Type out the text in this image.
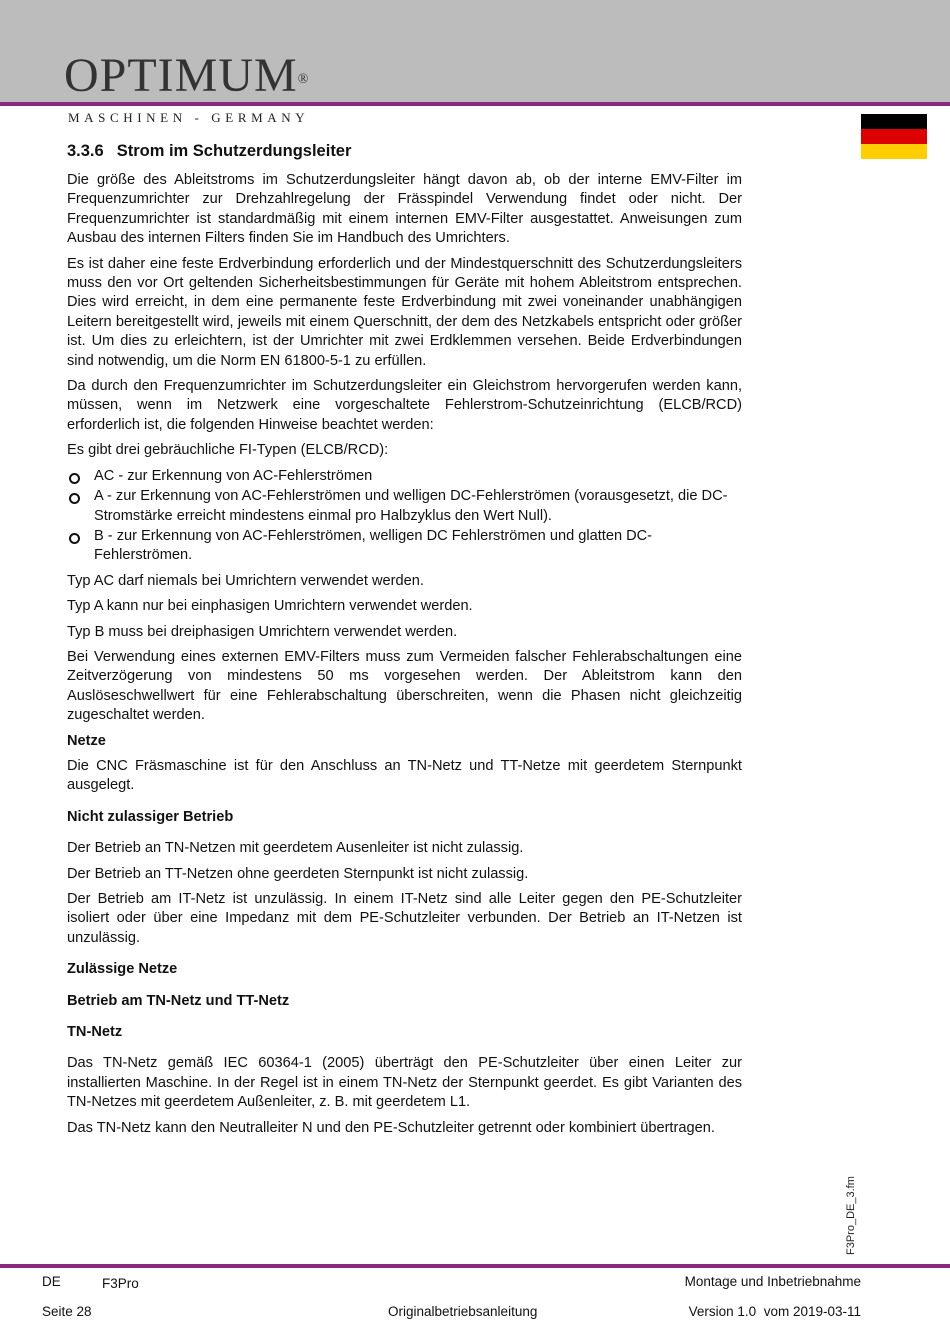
OPTIMUM®
MASCHINEN - GERMANY
3.3.6 Strom im Schutzerdungsleiter

Die größe des Ableitstroms im Schutzerdungsleiter hängt davon ab, ob der interne EMV-Filter im Frequenzumrichter zur Drehzahlregelung der Frässpindel Verwendung findet oder nicht. Der Frequenzumrichter ist standardmäßig mit einem internen EMV-Filter ausgestattet. Anweisungen zum Ausbau des internen Filters finden Sie im Handbuch des Umrichters.

Es ist daher eine feste Erdverbindung erforderlich und der Mindestquerschnitt des Schutzerdungsleiters muss den vor Ort geltenden Sicherheitsbestimmungen für Geräte mit hohem Ableitstrom entsprechen. Dies wird erreicht, in dem eine permanente feste Erdverbindung mit zwei voneinander unabhängigen Leitern bereitgestellt wird, jeweils mit einem Querschnitt, der dem des Netzkabels entspricht oder größer ist. Um dies zu erleichtern, ist der Umrichter mit zwei Erdklemmen versehen. Beide Erdverbindungen sind notwendig, um die Norm EN 61800-5-1 zu erfüllen.

Da durch den Frequenzumrichter im Schutzerdungsleiter ein Gleichstrom hervorgerufen werden kann, müssen, wenn im Netzwerk eine vorgeschaltete Fehlerstrom-Schutzeinrichtung (ELCB/RCD) erforderlich ist, die folgenden Hinweise beachtet werden:

Es gibt drei gebräuchliche FI-Typen (ELCB/RCD):

AC - zur Erkennung von AC-Fehlerströmen
A - zur Erkennung von AC-Fehlerströmen und welligen DC-Fehlerströmen (vorausgesetzt, die DC-Stromstärke erreicht mindestens einmal pro Halbzyklus den Wert Null).
B - zur Erkennung von AC-Fehlerströmen, welligen DC Fehlerströmen und glatten DC-Fehlerströmen.

Typ AC darf niemals bei Umrichtern verwendet werden.

Typ A kann nur bei einphasigen Umrichtern verwendet werden.

Typ B muss bei dreiphasigen Umrichtern verwendet werden.

Bei Verwendung eines externen EMV-Filters muss zum Vermeiden falscher Fehlerabschaltungen eine Zeitverzögerung von mindestens 50 ms vorgesehen werden. Der Ableitstrom kann den Auslöseschwellwert für eine Fehlerabschaltung überschreiten, wenn die Phasen nicht gleichzeitig zugeschaltet werden.

Netze

Die CNC Fräsmaschine ist für den Anschluss an TN-Netz und TT-Netze mit geerdetem Sternpunkt ausgelegt.

Nicht zulassiger Betrieb

Der Betrieb an TN-Netzen mit geerdetem Ausenleiter ist nicht zulassig.

Der Betrieb an TT-Netzen ohne geerdeten Sternpunkt ist nicht zulassig.

Der Betrieb am IT-Netz ist unzulässig. In einem IT-Netz sind alle Leiter gegen den PE-Schutzleiter isoliert oder über eine Impedanz mit dem PE-Schutzleiter verbunden. Der Betrieb an IT-Netzen ist unzulässig.

Zulässige Netze

Betrieb am TN-Netz und TT-Netz

TN-Netz

Das TN-Netz gemäß IEC 60364-1 (2005) überträgt den PE-Schutzleiter über einen Leiter zur installierten Maschine. In der Regel ist in einem TN-Netz der Sternpunkt geerdet. Es gibt Varianten des TN-Netzes mit geerdetem Außenleiter, z. B. mit geerdetem L1.

Das TN-Netz kann den Neutralleiter N und den PE-Schutzleiter getrennt oder kombiniert übertragen.

F3Pro_DE_3.fm
DE	F3Pro	Montage und Inbetriebnahme
Seite 28	Originalbetriebsanleitung	Version 1.0  vom 2019-03-11
